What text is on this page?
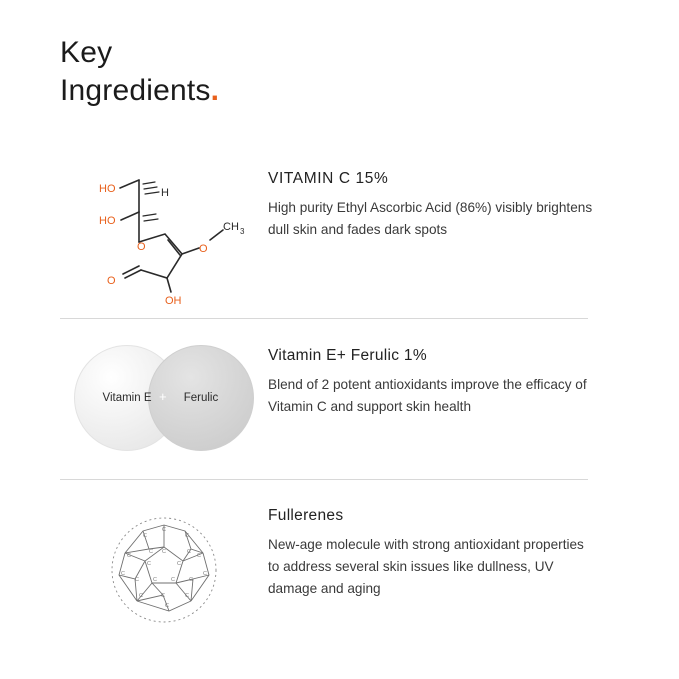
Key
Ingredients.
HO
HO
O
OH
O
O
H
CH 3
VITAMIN C 15%

High purity Ethyl Ascorbic Acid (86%) visibly brightens dull skin and fades dark spots

Vitamin E	Ferulic
+
Vitamin E+ Ferulic 1%

Blend of 2 potent antioxidants improve the efficacy of Vitamin C and support skin health

C
C
C
C
C
C
C
C
C
C
C
C
C
C
C
C
C
C
C
C
Fullerenes

New-age molecule with strong antioxidant properties to address several skin issues like dullness, UV damage and aging
